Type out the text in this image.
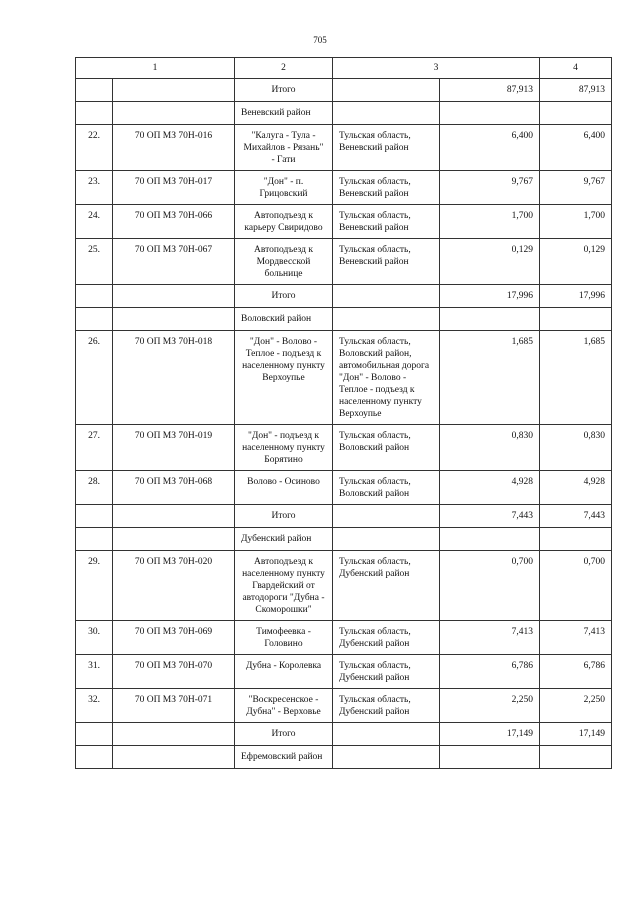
705
1		2	3		4
		Итого		87,913	87,913
		Веневский район			
22.	70 ОП МЗ 70Н-016	"Калуга - Тула - Михайлов - Рязань" - Гати	Тульская область, Веневский район	6,400	6,400
23.	70 ОП МЗ 70Н-017	"Дон" - п. Грицовский	Тульская область, Веневский район	9,767	9,767
24.	70 ОП МЗ 70Н-066	Автоподъезд к карьеру Свиридово	Тульская область, Веневский район	1,700	1,700
25.	70 ОП МЗ 70Н-067	Автоподъезд к Мордвесской больнице	Тульская область, Веневский район	0,129	0,129
		Итого		17,996	17,996
		Воловский район			
26.	70 ОП МЗ 70Н-018	"Дон" - Волово - Теплое - подъезд к населенному пункту Верхоупье	Тульская область, Воловский район, автомобильная дорога "Дон" - Волово - Теплое - подъезд к населенному пункту Верхоупье	1,685	1,685
27.	70 ОП МЗ 70Н-019	"Дон" - подъезд к населенному пункту Борятино	Тульская область, Воловский район	0,830	0,830
28.	70 ОП МЗ 70Н-068	Волово - Осиново	Тульская область, Воловский район	4,928	4,928
		Итого		7,443	7,443
		Дубенский район			
29.	70 ОП МЗ 70Н-020	Автоподъезд к населенному пункту Гвардейский от автодороги "Дубна - Скоморошки"	Тульская область, Дубенский район	0,700	0,700
30.	70 ОП МЗ 70Н-069	Тимофеевка - Головино	Тульская область, Дубенский район	7,413	7,413
31.	70 ОП МЗ 70Н-070	Дубна - Королевка	Тульская область, Дубенский район	6,786	6,786
32.	70 ОП МЗ 70Н-071	"Воскресенское - Дубна" - Верховье	Тульская область, Дубенский район	2,250	2,250
		Итого		17,149	17,149
		Ефремовский район			
